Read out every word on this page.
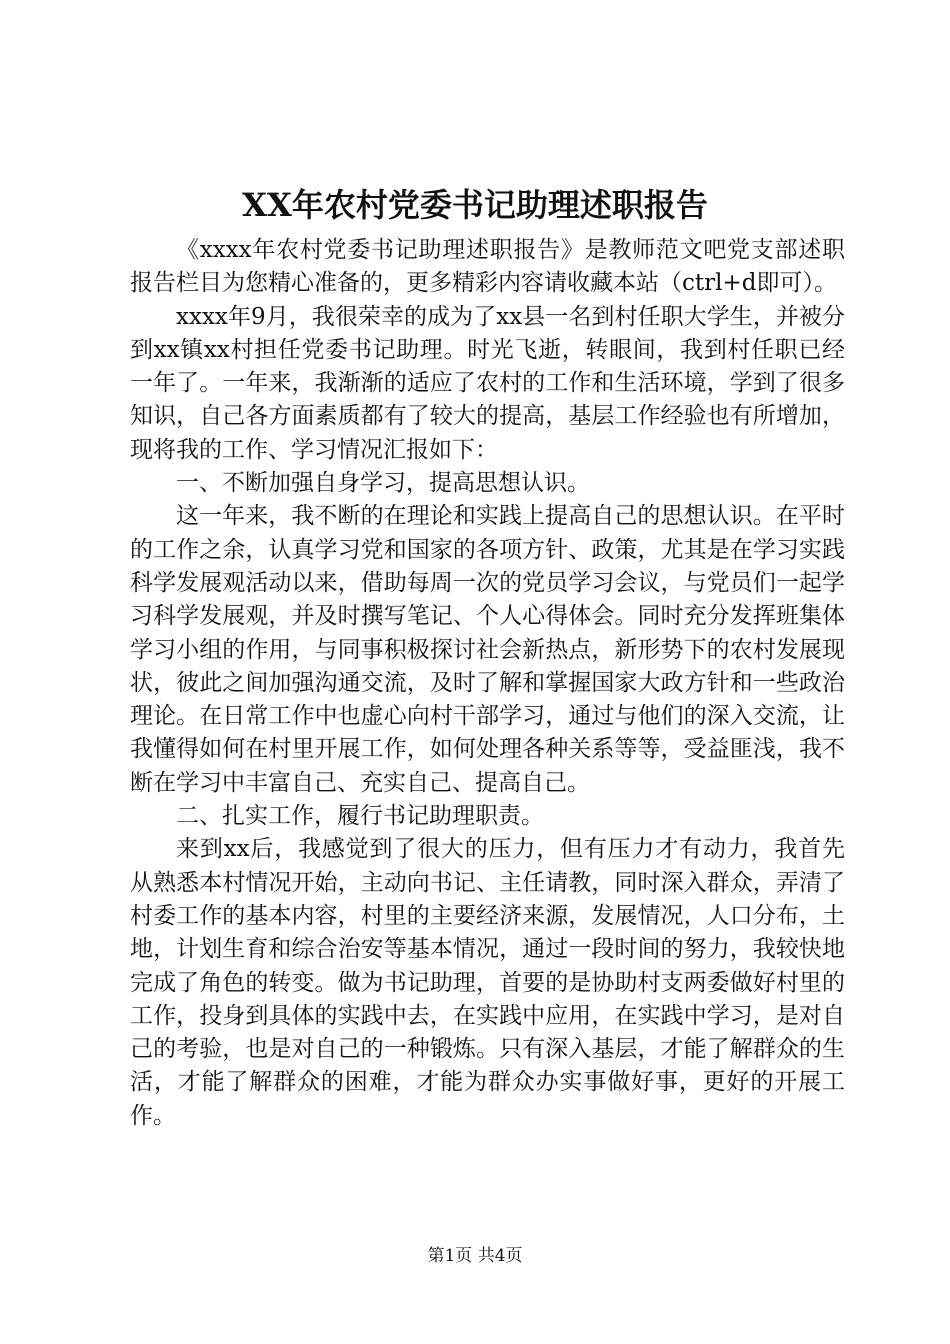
XX年农村党委书记助理述职报告

《xxxx年农村党委书记助理述职报告》是教师范文吧党支部述职报告栏目为您精心准备的，更多精彩内容请收藏本站（ctrl+d即可）。

xxxx年9月，我很荣幸的成为了xx县一名到村任职大学生，并被分到xx镇xx村担任党委书记助理。时光飞逝，转眼间，我到村任职已经一年了。一年来，我渐渐的适应了农村的工作和生活环境，学到了很多知识，自己各方面素质都有了较大的提高，基层工作经验也有所增加，现将我的工作、学习情况汇报如下：

一、不断加强自身学习，提高思想认识。

这一年来，我不断的在理论和实践上提高自己的思想认识。在平时的工作之余，认真学习党和国家的各项方针、政策，尤其是在学习实践科学发展观活动以来，借助每周一次的党员学习会议，与党员们一起学习科学发展观，并及时撰写笔记、个人心得体会。同时充分发挥班集体学习小组的作用，与同事积极探讨社会新热点，新形势下的农村发展现状，彼此之间加强沟通交流，及时了解和掌握国家大政方针和一些政治理论。在日常工作中也虚心向村干部学习，通过与他们的深入交流，让我懂得如何在村里开展工作，如何处理各种关系等等，受益匪浅，我不断在学习中丰富自己、充实自己、提高自己。

二、扎实工作，履行书记助理职责。

来到xx后，我感觉到了很大的压力，但有压力才有动力，我首先从熟悉本村情况开始，主动向书记、主任请教，同时深入群众，弄清了村委工作的基本内容，村里的主要经济来源，发展情况，人口分布，土地，计划生育和综合治安等基本情况，通过一段时间的努力，我较快地完成了角色的转变。做为书记助理，首要的是协助村支两委做好村里的工作，投身到具体的实践中去，在实践中应用，在实践中学习，是对自己的考验，也是对自己的一种锻炼。只有深入基层，才能了解群众的生活，才能了解群众的困难，才能为群众办实事做好事，更好的开展工作。

第1页 共4页
